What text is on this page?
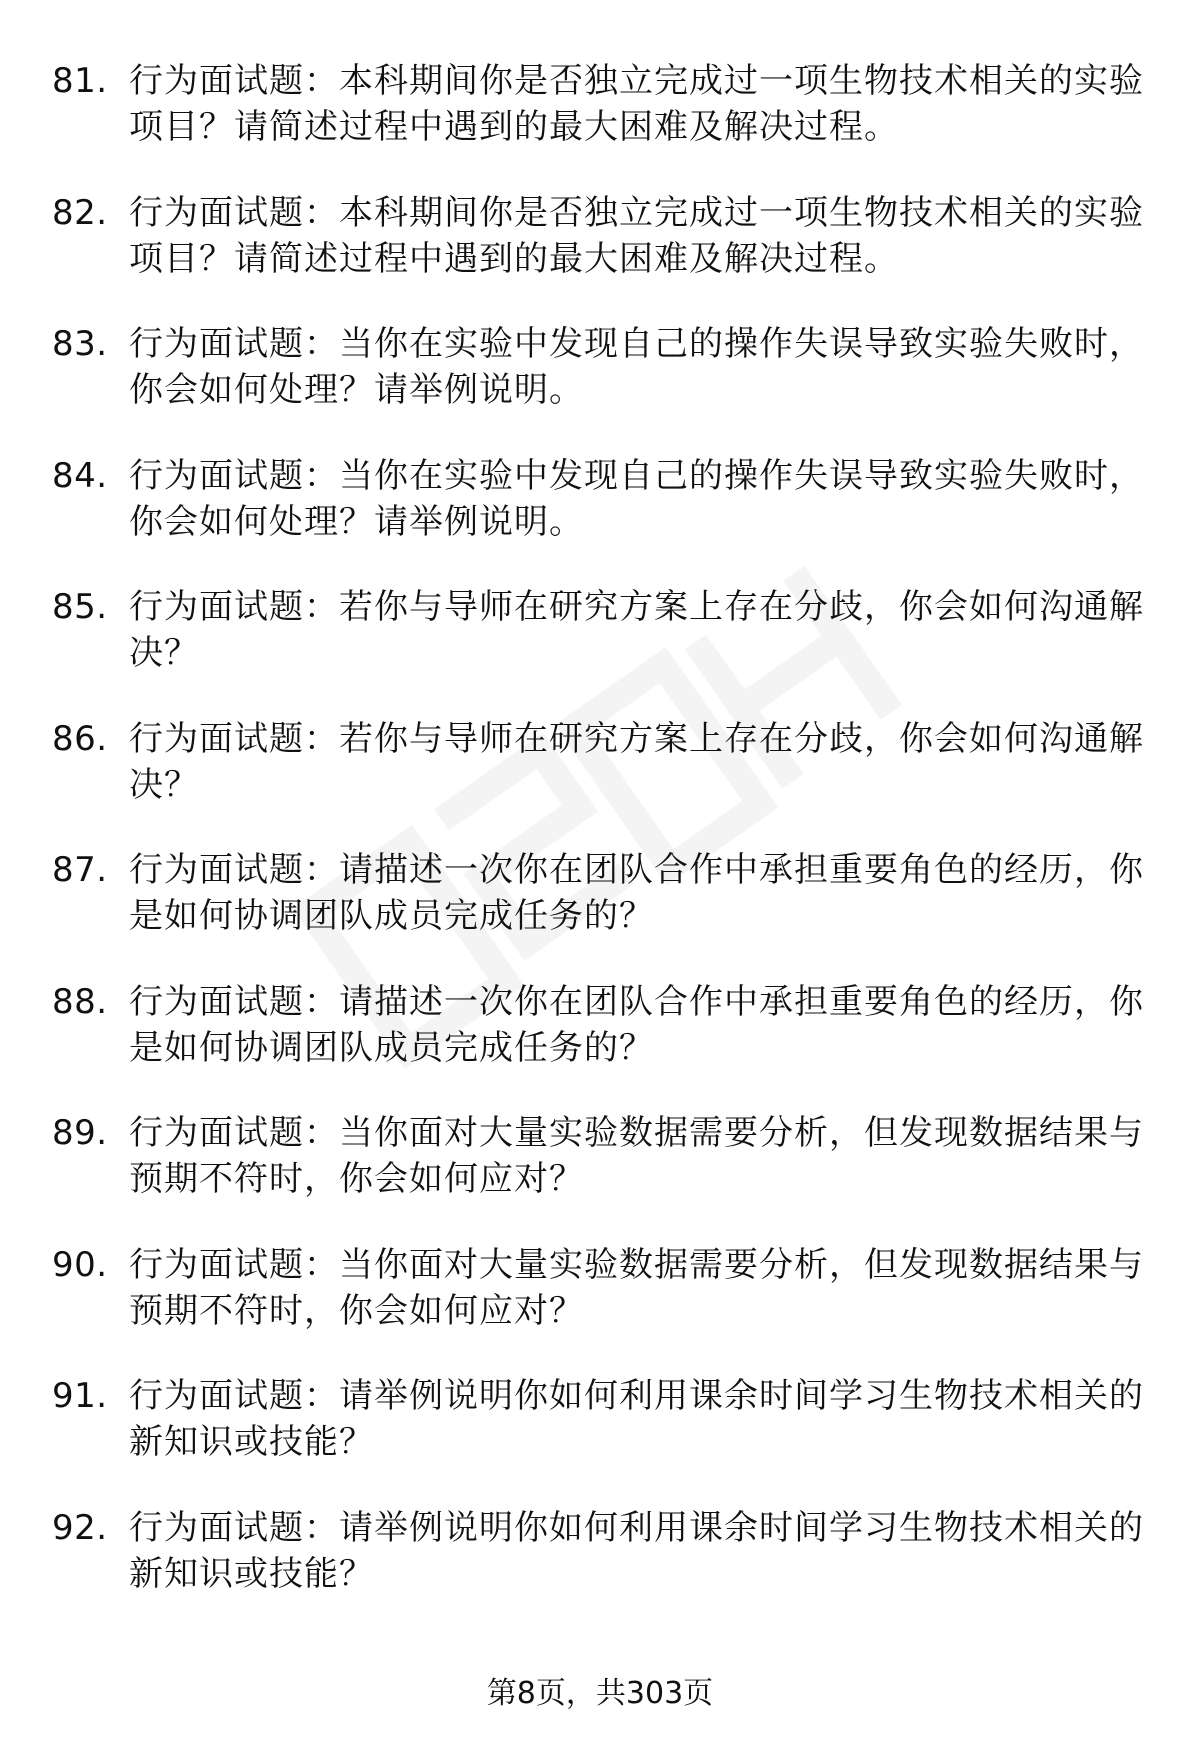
81. 行为面试题：本科期间你是否独立完成过一项生物技术相关的实验项目？请简述过程中遇到的最大困难及解决过程。
82. 行为面试题：本科期间你是否独立完成过一项生物技术相关的实验项目？请简述过程中遇到的最大困难及解决过程。
83. 行为面试题：当你在实验中发现自己的操作失误导致实验失败时，你会如何处理？请举例说明。
84. 行为面试题：当你在实验中发现自己的操作失误导致实验失败时，你会如何处理？请举例说明。
85. 行为面试题：若你与导师在研究方案上存在分歧，你会如何沟通解决？
86. 行为面试题：若你与导师在研究方案上存在分歧，你会如何沟通解决？
87. 行为面试题：请描述一次你在团队合作中承担重要角色的经历，你是如何协调团队成员完成任务的？
88. 行为面试题：请描述一次你在团队合作中承担重要角色的经历，你是如何协调团队成员完成任务的？
89. 行为面试题：当你面对大量实验数据需要分析，但发现数据结果与预期不符时，你会如何应对？
90. 行为面试题：当你面对大量实验数据需要分析，但发现数据结果与预期不符时，你会如何应对？
91. 行为面试题：请举例说明你如何利用课余时间学习生物技术相关的新知识或技能？
92. 行为面试题：请举例说明你如何利用课余时间学习生物技术相关的新知识或技能？
第8页，共303页
